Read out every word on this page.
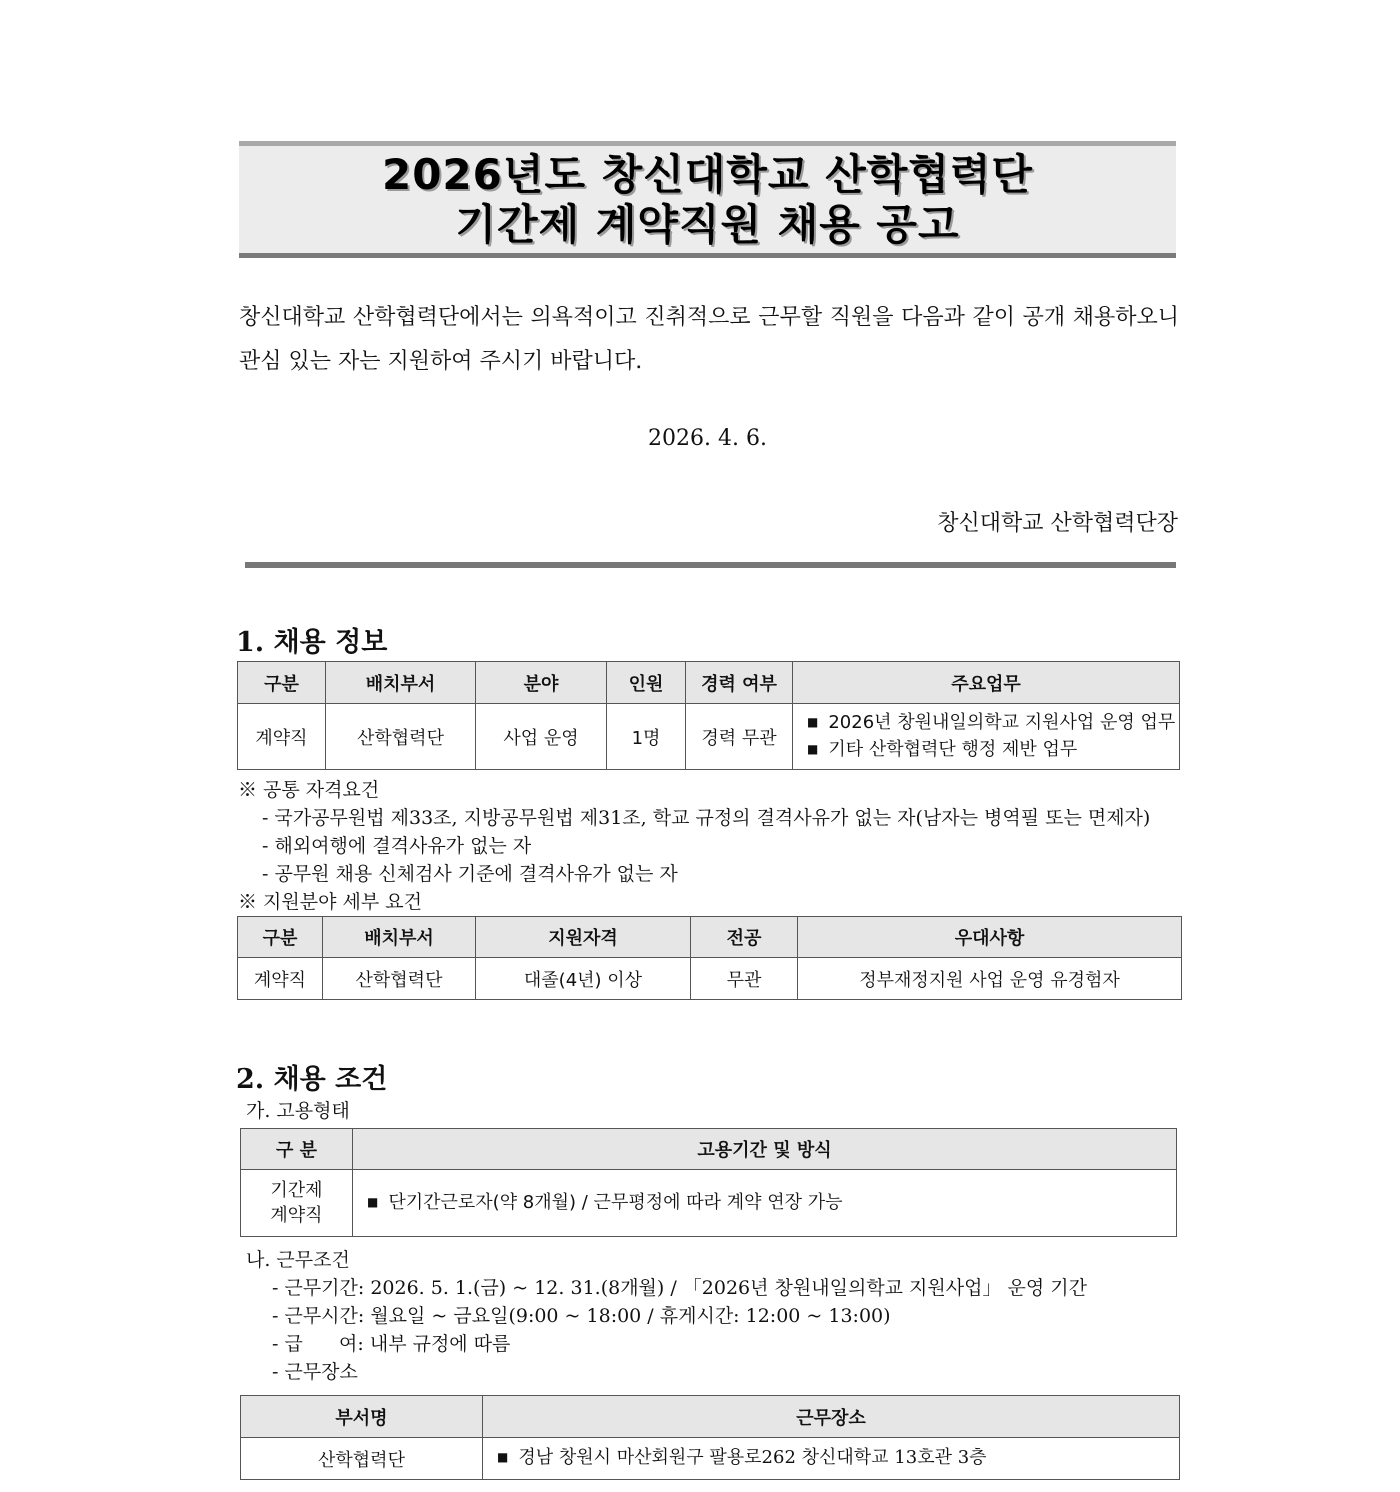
2026년도 창신대학교 산학협력단
기간제 계약직원 채용 공고
창신대학교 산학협력단에서는 의욕적이고 진취적으로 근무할 직원을 다음과 같이 공개 채용하오니 관심 있는 자는 지원하여 주시기 바랍니다.
2026. 4. 6.
창신대학교 산학협력단장
1. 채용 정보
구분	배치부서	분야	인원	경력 여부	주요업무
계약직	산학협력단	사업 운영	1명	경력 무관	■ 2026년 창원내일의학교 지원사업 운영 업무
■ 기타 산학협력단 행정 제반 업무
※ 공통 자격요건
- 국가공무원법 제33조, 지방공무원법 제31조, 학교 규정의 결격사유가 없는 자(남자는 병역필 또는 면제자)
- 해외여행에 결격사유가 없는 자
- 공무원 채용 신체검사 기준에 결격사유가 없는 자
※ 지원분야 세부 요건
구분	배치부서	지원자격	전공	우대사항
계약직	산학협력단	대졸(4년) 이상	무관	정부재정지원 사업 운영 유경험자
2. 채용 조건
가. 고용형태
구 분	고용기간 및 방식

기간제
계약직	■ 단기간근로자(약 8개월) / 근무평정에 따라 계약 연장 가능
나. 근무조건
- 근무기간: 2026. 5. 1.(금) ~ 12. 31.(8개월) / 「2026년 창원내일의학교 지원사업」 운영 기간
- 근무시간: 월요일 ~ 금요일(9:00 ~ 18:00 / 휴게시간: 12:00 ~ 13:00)
- 급      여: 내부 규정에 따름
- 근무장소
부서명	근무장소
산학협력단	■ 경남 창원시 마산회원구 팔용로262 창신대학교 13호관 3층
